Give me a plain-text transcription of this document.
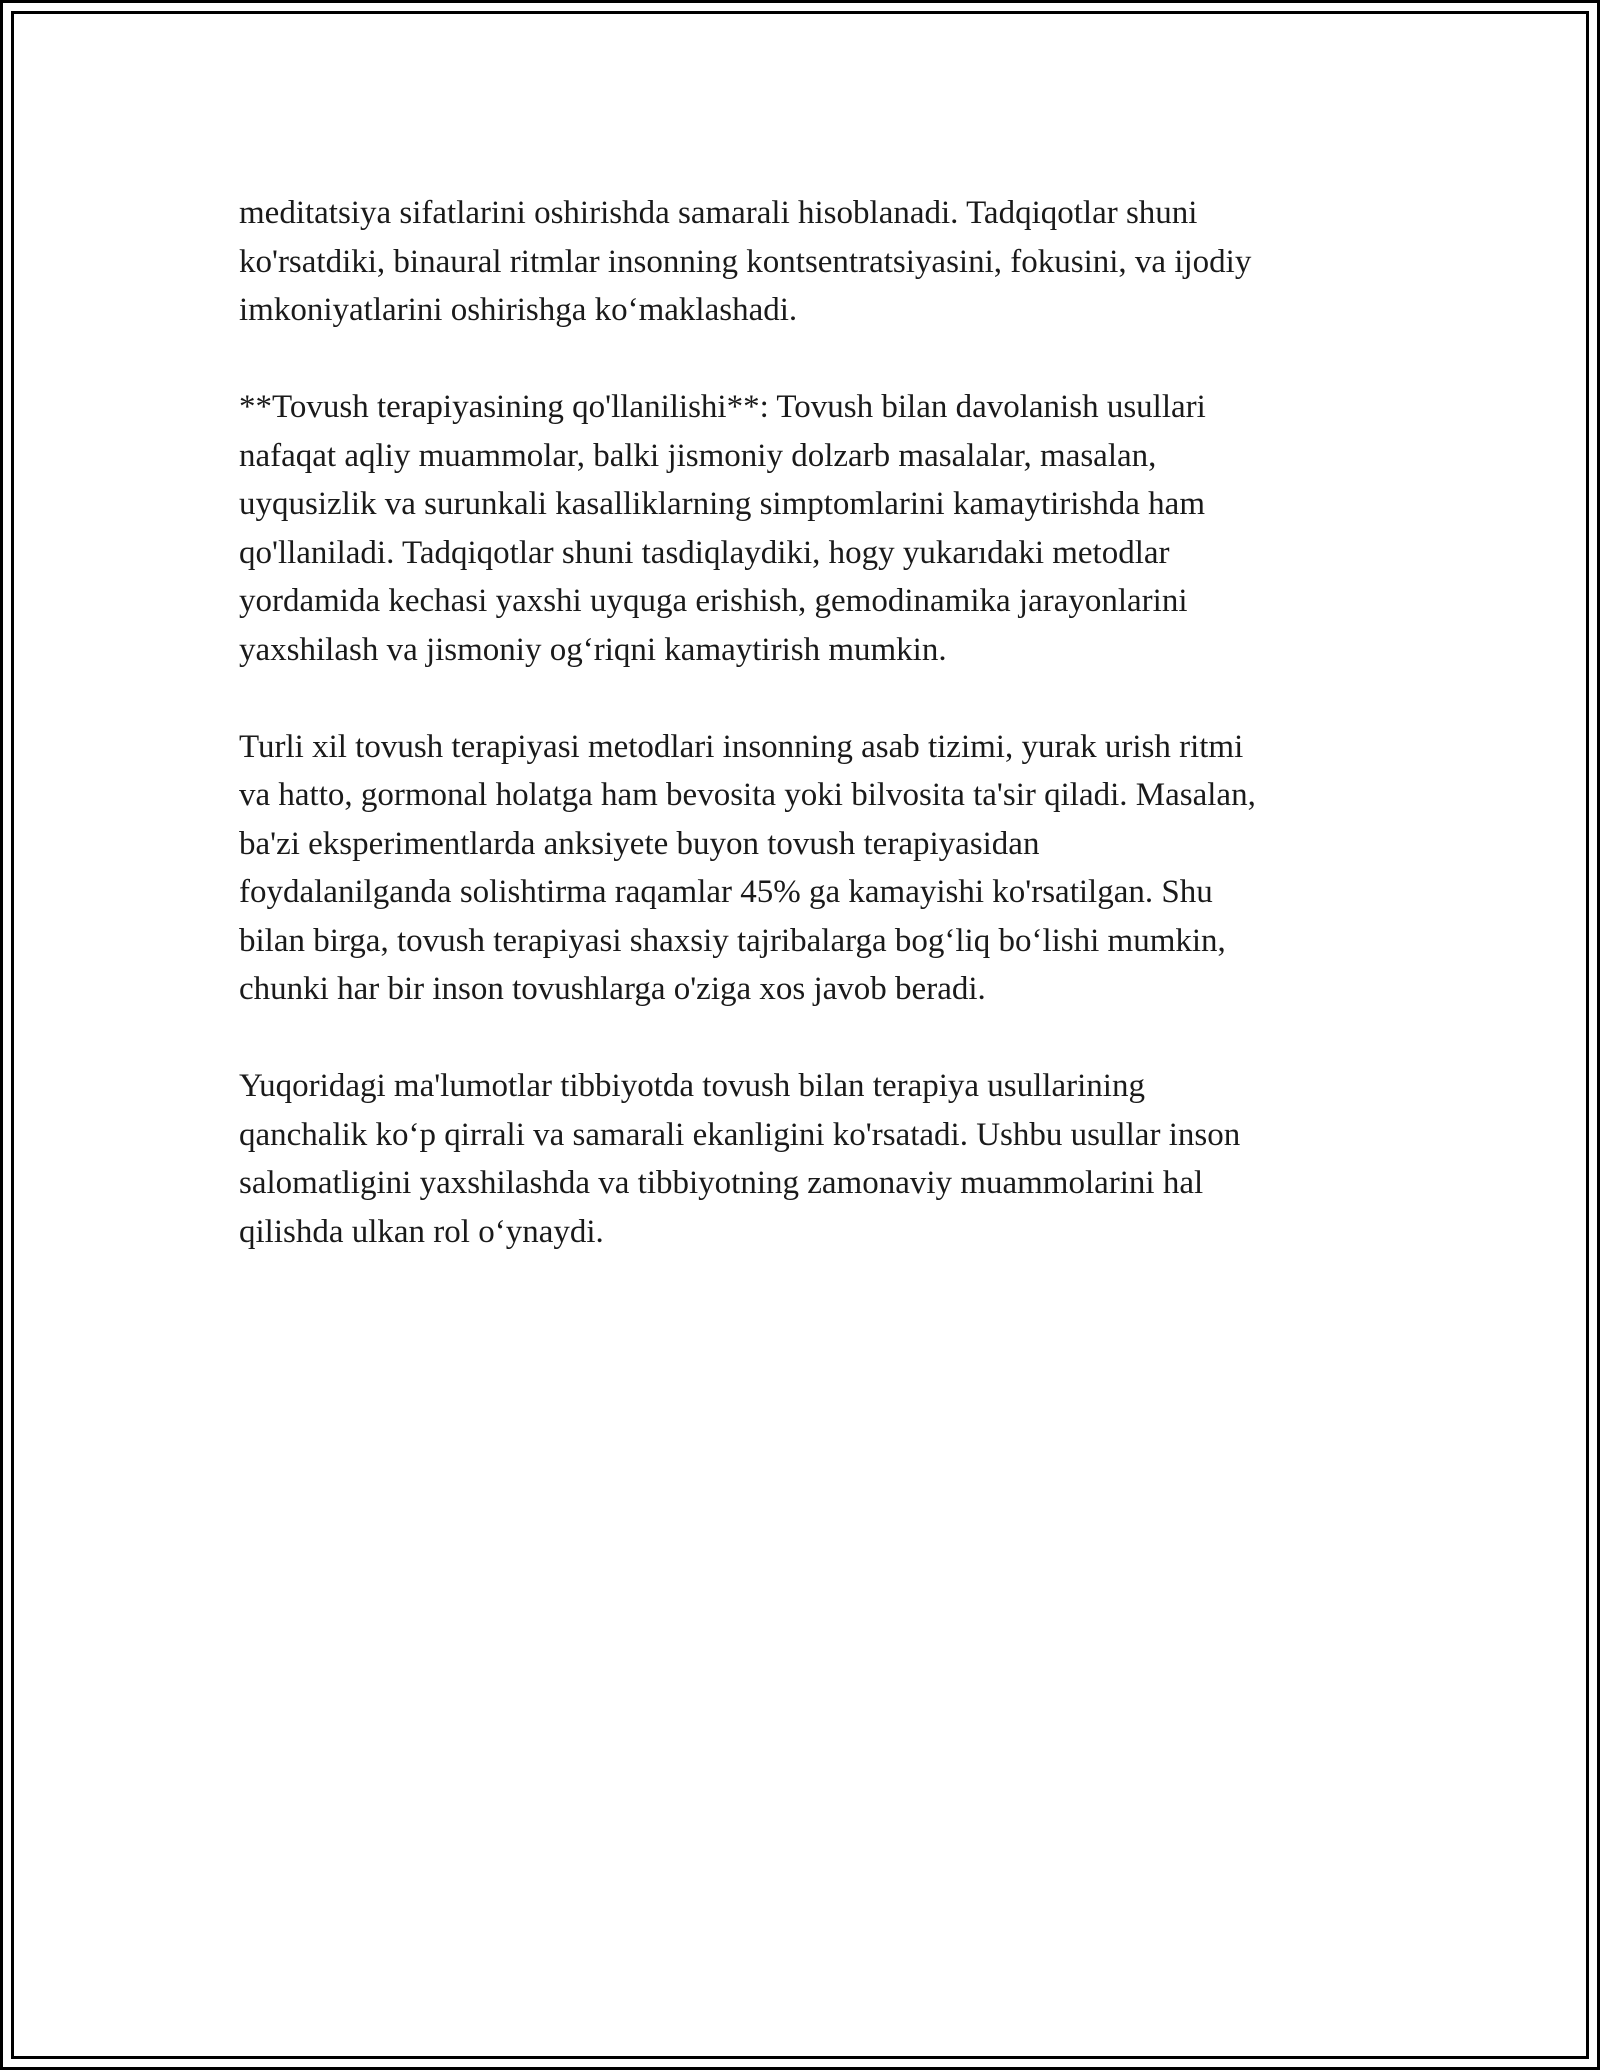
meditatsiya sifatlarini oshirishda samarali hisoblanadi. Tadqiqotlar shuni
ko'rsatdiki, binaural ritmlar insonning kontsentratsiyasini, fokusini, va ijodiy
imkoniyatlarini oshirishga ko‘maklashadi.

**Tovush terapiyasining qo'llanilishi**: Tovush bilan davolanish usullari
nafaqat aqliy muammolar, balki jismoniy dolzarb masalalar, masalan,
uyqusizlik va surunkali kasalliklarning simptomlarini kamaytirishda ham
qo'llaniladi. Tadqiqotlar shuni tasdiqlaydiki, hogy yukarıdaki metodlar
yordamida kechasi yaxshi uyquga erishish, gemodinamika jarayonlarini
yaxshilash va jismoniy og‘riqni kamaytirish mumkin.

Turli xil tovush terapiyasi metodlari insonning asab tizimi, yurak urish ritmi
va hatto, gormonal holatga ham bevosita yoki bilvosita ta'sir qiladi. Masalan,
ba'zi eksperimentlarda anksiyete buyon tovush terapiyasidan
foydalanilganda solishtirma raqamlar 45% ga kamayishi ko'rsatilgan. Shu
bilan birga, tovush terapiyasi shaxsiy tajribalarga bog‘liq bo‘lishi mumkin,
chunki har bir inson tovushlarga o'ziga xos javob beradi.

Yuqoridagi ma'lumotlar tibbiyotda tovush bilan terapiya usullarining
qanchalik ko‘p qirrali va samarali ekanligini ko'rsatadi. Ushbu usullar inson
salomatligini yaxshilashda va tibbiyotning zamonaviy muammolarini hal
qilishda ulkan rol o‘ynaydi.
